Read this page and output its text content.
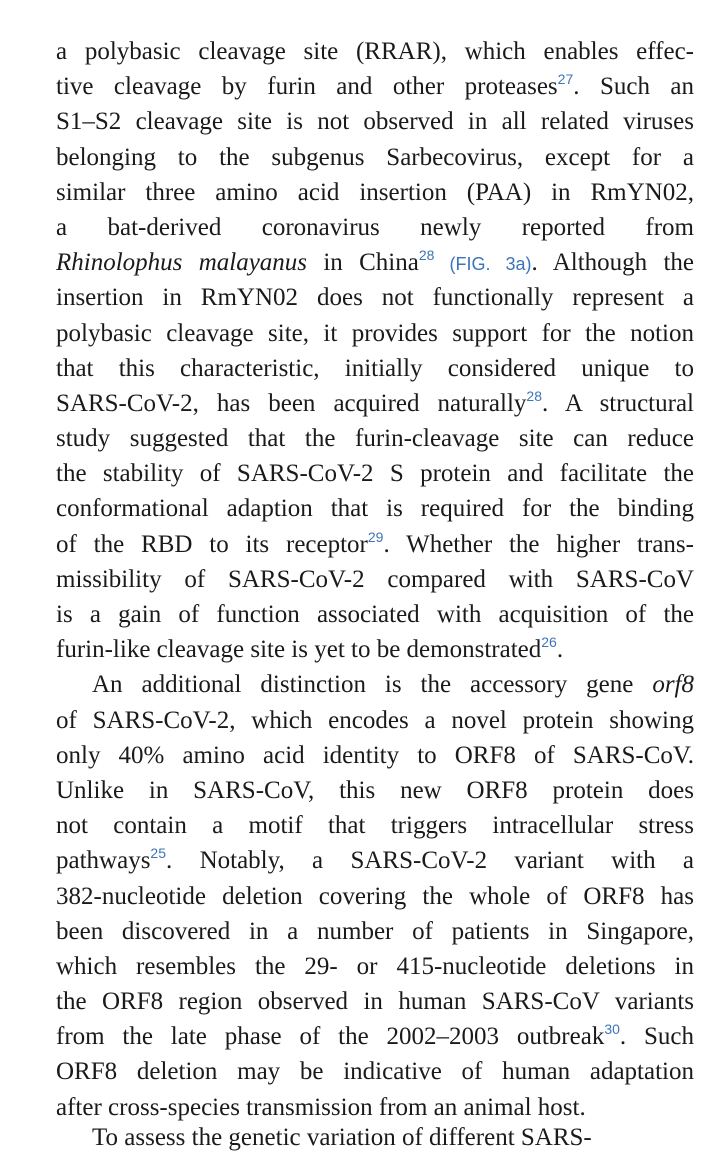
a polybasic cleavage site (RRAR), which enables effec-
tive cleavage by furin and other proteases$^{27}$. Such an
S1–S2 cleavage site is not observed in all related viruses
belonging to the subgenus Sarbecovirus, except for a
similar three amino acid insertion (PAA) in RmYN02,
a bat-derived coronavirus newly reported from
Rhinolophus malayanus in China$^{28}$ (FIG. 3a). Although the
insertion in RmYN02 does not functionally represent a
polybasic cleavage site, it provides support for the notion
that this characteristic, initially considered unique to
SARS-CoV-2, has been acquired naturally$^{28}$. A structural
study suggested that the furin-cleavage site can reduce
the stability of SARS-CoV-2 S protein and facilitate the
conformational adaption that is required for the binding
of the RBD to its receptor$^{29}$. Whether the higher trans-
missibility of SARS-CoV-2 compared with SARS-CoV
is a gain of function associated with acquisition of the
furin-like cleavage site is yet to be demonstrated$^{26}$.
An additional distinction is the accessory gene orf8
of SARS-CoV-2, which encodes a novel protein showing
only 40% amino acid identity to ORF8 of SARS-CoV.
Unlike in SARS-CoV, this new ORF8 protein does
not contain a motif that triggers intracellular stress
pathways$^{25}$. Notably, a SARS-CoV-2 variant with a
382-nucleotide deletion covering the whole of ORF8 has
been discovered in a number of patients in Singapore,
which resembles the 29- or 415-nucleotide deletions in
the ORF8 region observed in human SARS-CoV variants
from the late phase of the 2002–2003 outbreak$^{30}$. Such
ORF8 deletion may be indicative of human adaptation
after cross-species transmission from an animal host.
To assess the genetic variation of different SARS-
